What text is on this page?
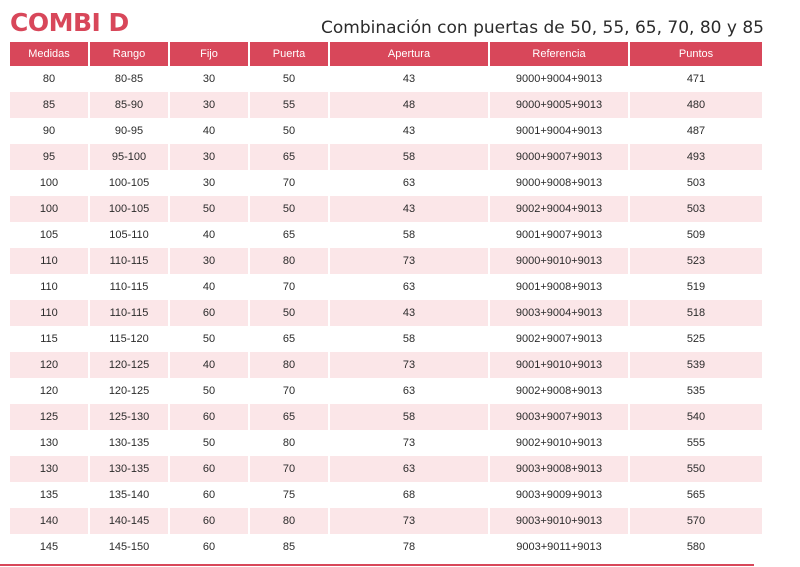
COMBI D	Combinación con puertas de 50, 55, 65, 70, 80 y 85
Medidas	Rango	Fijo	Puerta	Apertura	Referencia	Puntos
80	80-85	30	50	43	9000+9004+9013	471
85	85-90	30	55	48	9000+9005+9013	480
90	90-95	40	50	43	9001+9004+9013	487
95	95-100	30	65	58	9000+9007+9013	493
100	100-105	30	70	63	9000+9008+9013	503
100	100-105	50	50	43	9002+9004+9013	503
105	105-110	40	65	58	9001+9007+9013	509
110	110-115	30	80	73	9000+9010+9013	523
110	110-115	40	70	63	9001+9008+9013	519
110	110-115	60	50	43	9003+9004+9013	518
115	115-120	50	65	58	9002+9007+9013	525
120	120-125	40	80	73	9001+9010+9013	539
120	120-125	50	70	63	9002+9008+9013	535
125	125-130	60	65	58	9003+9007+9013	540
130	130-135	50	80	73	9002+9010+9013	555
130	130-135	60	70	63	9003+9008+9013	550
135	135-140	60	75	68	9003+9009+9013	565
140	140-145	60	80	73	9003+9010+9013	570
145	145-150	60	85	78	9003+9011+9013	580
